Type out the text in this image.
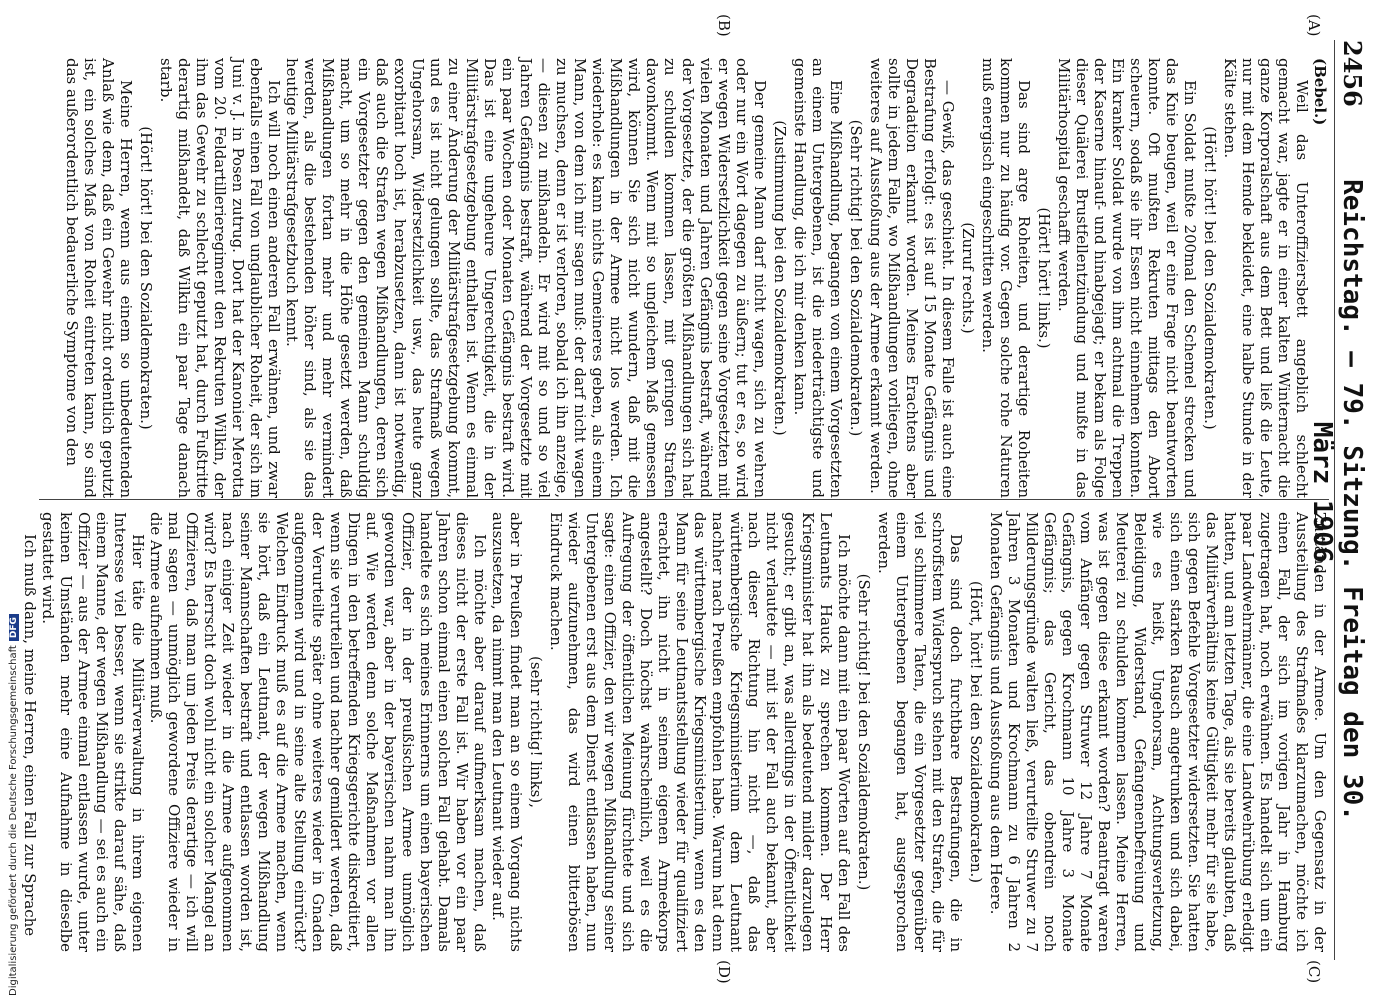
2456
Reichstag. — 79. Sitzung. Freitag den 30. März 1906.
(A)
(B)
(C)
(D)

(Bebel.)

Weil das Unteroffiziersbett angeblich schlecht gemacht war, jagte er in einer kalten Winternacht die ganze Korporalschaft aus dem Bett und ließ die Leute, nur mit dem Hemde bekleidet, eine halbe Stunde in der Kälte stehen.

(Hört! hört! bei den Sozialdemokraten.)

Ein Soldat mußte 200mal den Schemel strecken und das Knie beugen, weil er eine Frage nicht beantworten konnte. Oft mußten Rekruten mittags den Abort scheuern, sodaß sie ihr Essen nicht einnehmen konnten. Ein kranker Soldat wurde von ihm achtmal die Treppen der Kaserne hinauf- und hinabgejagt; er bekam als Folge dieser Quälerei Brustfellentzündung und mußte in das Militärhospital geschafft werden.

(Hört! hört! links.)

Das sind arge Roheiten, und derartige Roheiten kommen nur zu häufig vor. Gegen solche rohe Naturen muß energisch eingeschritten werden.

(Zuruf rechts.)

— Gewiß, das geschieht. In diesem Falle ist auch eine Bestrafung erfolgt: es ist auf 15 Monate Gefängnis und Degradation erkannt worden. Meines Erachtens aber sollte in jedem Falle, wo Mißhandlungen vorliegen, ohne weiteres auf Ausstoßung aus der Armee erkannt werden.

(Sehr richtig! bei den Sozialdemokraten.)

Eine Mißhandlung, begangen von einem Vorgesetzten an einem Untergebenen, ist die niederträchtigste und gemeinste Handlung, die ich mir denken kann.

(Zustimmung bei den Sozialdemokraten.)

Der gemeine Mann darf nicht wagen, sich zu wehren oder nur ein Wort dagegen zu äußern; tut er es, so wird er wegen Widersetzlichkeit gegen seine Vorgesetzten mit vielen Monaten und Jahren Gefängnis bestraft, während der Vorgesetzte, der die größten Mißhandlungen sich hat zu schulden kommen lassen, mit geringen Strafen davonkommt. Wenn mit so ungleichem Maß gemessen wird, können Sie sich nicht wundern, daß mit die Mißhandlungen in der Armee nicht los werden. Ich wiederhole: es kann nichts Gemeineres geben, als einem Mann, von dem ich mir sagen muß: der darf nicht wagen zu muchsen, denn er ist verloren, sobald ich ihn anzeige, — diesen zu mißhandeln. Er wird mit so und so viel Jahren Gefängnis bestraft, während der Vorgesetzte mit ein paar Wochen oder Monaten Gefängnis bestraft wird. Das ist eine ungeheure Ungerechtigkeit, die in der Militärstrafgesetzgebung enthalten ist. Wenn es einmal zu einer Änderung der Militärstrafgesetzgebung kommt, und es ist nicht gelungen sollte, das Strafmaß wegen Ungehorsam, Widersetzlichkeit usw., das heute ganz exorbitant hoch ist, herabzusetzen, dann ist notwendig, daß auch die Strafen wegen Mißhandlungen, deren sich ein Vorgesetzter gegen den gemeinen Mann schuldig macht, um so mehr in die Höhe gesetzt werden, daß Mißhandlungen fortan mehr und mehr vermindert werden, als die bestehenden höher sind, als sie das heutige Militärstrafgesetzbuch kennt.

Ich will noch einen anderen Fall erwähnen, und zwar ebenfalls einen Fall von unglaublicher Roheit, der sich im Juni v. J. in Posen zutrug. Dort hat der Kanonier Merotta vom 20. Feldartillerieregiment den Rekruten Wilkin, der ihm das Gewehr zu schlecht geputzt hat, durch Fußtritte derartig mißhandelt, daß Wilkin ein paar Tage danach starb.

(Hört! hört! bei den Sozialdemokraten.)

Meine Herren, wenn aus einem so unbedeutenden Anlaß wie dem, daß ein Gewehr nicht ordentlich geputzt ist, ein solches Maß von Roheit eintreten kann, so sind das außerordentlich bedauerliche Symptome von den

Zuständen in der Armee. Um den Gegensatz in der Aussteilung des Strafmaßes klarzumachen, möchte ich einen Fall, der sich im vorigen Jahr in Hamburg zugetragen hat, noch erwähnen. Es handelt sich um ein paar Landwehrmänner, die eine Landwehrübung erledigt hatten, und am letzten Tage, als sie bereits glaubten, daß das Militärverhältnis keine Gültigkeit mehr für sie habe, sich gegen Befehle Vorgesetzter widersetzten. Sie hatten sich einen starken Rausch angetrunken und sich dabei, wie es heißt, Ungehorsam, Achtungsverletzung, Beleidigung, Widerstand, Gefangenenbefreiung und Meuterei zu schulden kommen lassen. Meine Herren, was ist gegen diese erkannt worden? Beantragt waren vom Anfänger gegen Struwer 12 Jahre 7 Monate Gefängnis, gegen Krochmann 10 Jahre 3 Monate Gefängnis; das Gericht, das obendrein noch Milderungsgründe walten ließ, verurteilte Struwer zu 7 Jahren 3 Monaten und Krochmann zu 6 Jahren 2 Monaten Gefängnis und Ausstoßung aus dem Heere.

(Hört, hört! bei den Sozialdemokraten.)

Das sind doch furchtbare Bestrafungen, die in schroffstem Widerspruch stehen mit den Strafen, die für viel schlimmere Taten, die ein Vorgesetzter gegenüber einem Untergebenen begangen hat, ausgesprochen werden.

(Sehr richtig! bei den Sozialdemokraten.)

Ich möchte dann mit ein paar Worten auf den Fall des Leutnants Hauck zu sprechen kommen. Der Herr Kriegsminister hat ihn als bedeutend milder darzulegen gesucht; er gibt an, was allerdings in der Öffentlichkeit nicht verlautete — mit ist der Fall auch bekannt, aber nach dieser Richtung hin nicht —, daß das württembergische Kriegsministerium dem Leutnant nachher nach Preußen empfohlen habe. Warum hat denn das württembergische Kriegsministerium, wenn es den Mann für seine Leutnantsstellung wieder für qualifiziert erachtet, ihn nicht in seinem eigenen Armeekorps angestellt? Doch höchst wahrscheinlich, weil es die Aufregung der öffentlichen Meinung fürchtete und sich sagte: einen Offizier, den wir wegen Mißhandlung seiner Untergebenen erst aus dem Dienst entlassen haben, nun wieder aufzunehmen, das wird einen bitterbösen Eindruck machen.

(sehr richtig! links),

aber in Preußen findet man an so einem Vorgang nichts auszusetzen, da nimmt man den Leutnant wieder auf.

Ich möchte aber darauf aufmerksam machen, daß dieses nicht der erste Fall ist. Wir haben vor ein paar Jahren schon einmal einen solchen Fall gehabt. Damals handelte es sich meines Erinnerns um einen bayerischen Offizier, der in der preußischen Armee unmöglich geworden war, aber in der bayerischen nahm man ihn auf. Wie werden denn solche Maßnahmen vor allen Dingen in den betreffenden Kriegsgerichte diskreditiert, wenn sie verurteilen und nachher gemildert werden, daß der Verurteilte später ohne weiteres wieder in Gnaden aufgenommen wird und in seine alte Stellung einrückt? Welchen Eindruck muß es auf die Armee machen, wenn sie hört, daß ein Leutnant, der wegen Mißhandlung seiner Mannschaften bestraft und entlassen worden ist, nach einiger Zeit wieder in die Armee aufgenommen wird? Es herrscht doch wohl nicht ein solcher Mangel an Offizieren, daß man um jeden Preis derartige — ich will mal sagen — unmöglich gewordene Offiziere wieder in die Armee aufnehmen muß.

Hier täte die Militärverwaltung in ihrem eigenen Interesse viel besser, wenn sie strikte darauf sähe, daß einem Manne, der wegen Mißhandlung — sei es auch ein Offizier — aus der Armee einmal entlassen wurde, unter keinen Umständen mehr eine Aufnahme in dieselbe gestattet wird.

Ich muß dann, meine Herren, einen Fall zur Sprache

Digitalisierung gefördert durch die Deutsche ForschungsgemeinschaftDFG
